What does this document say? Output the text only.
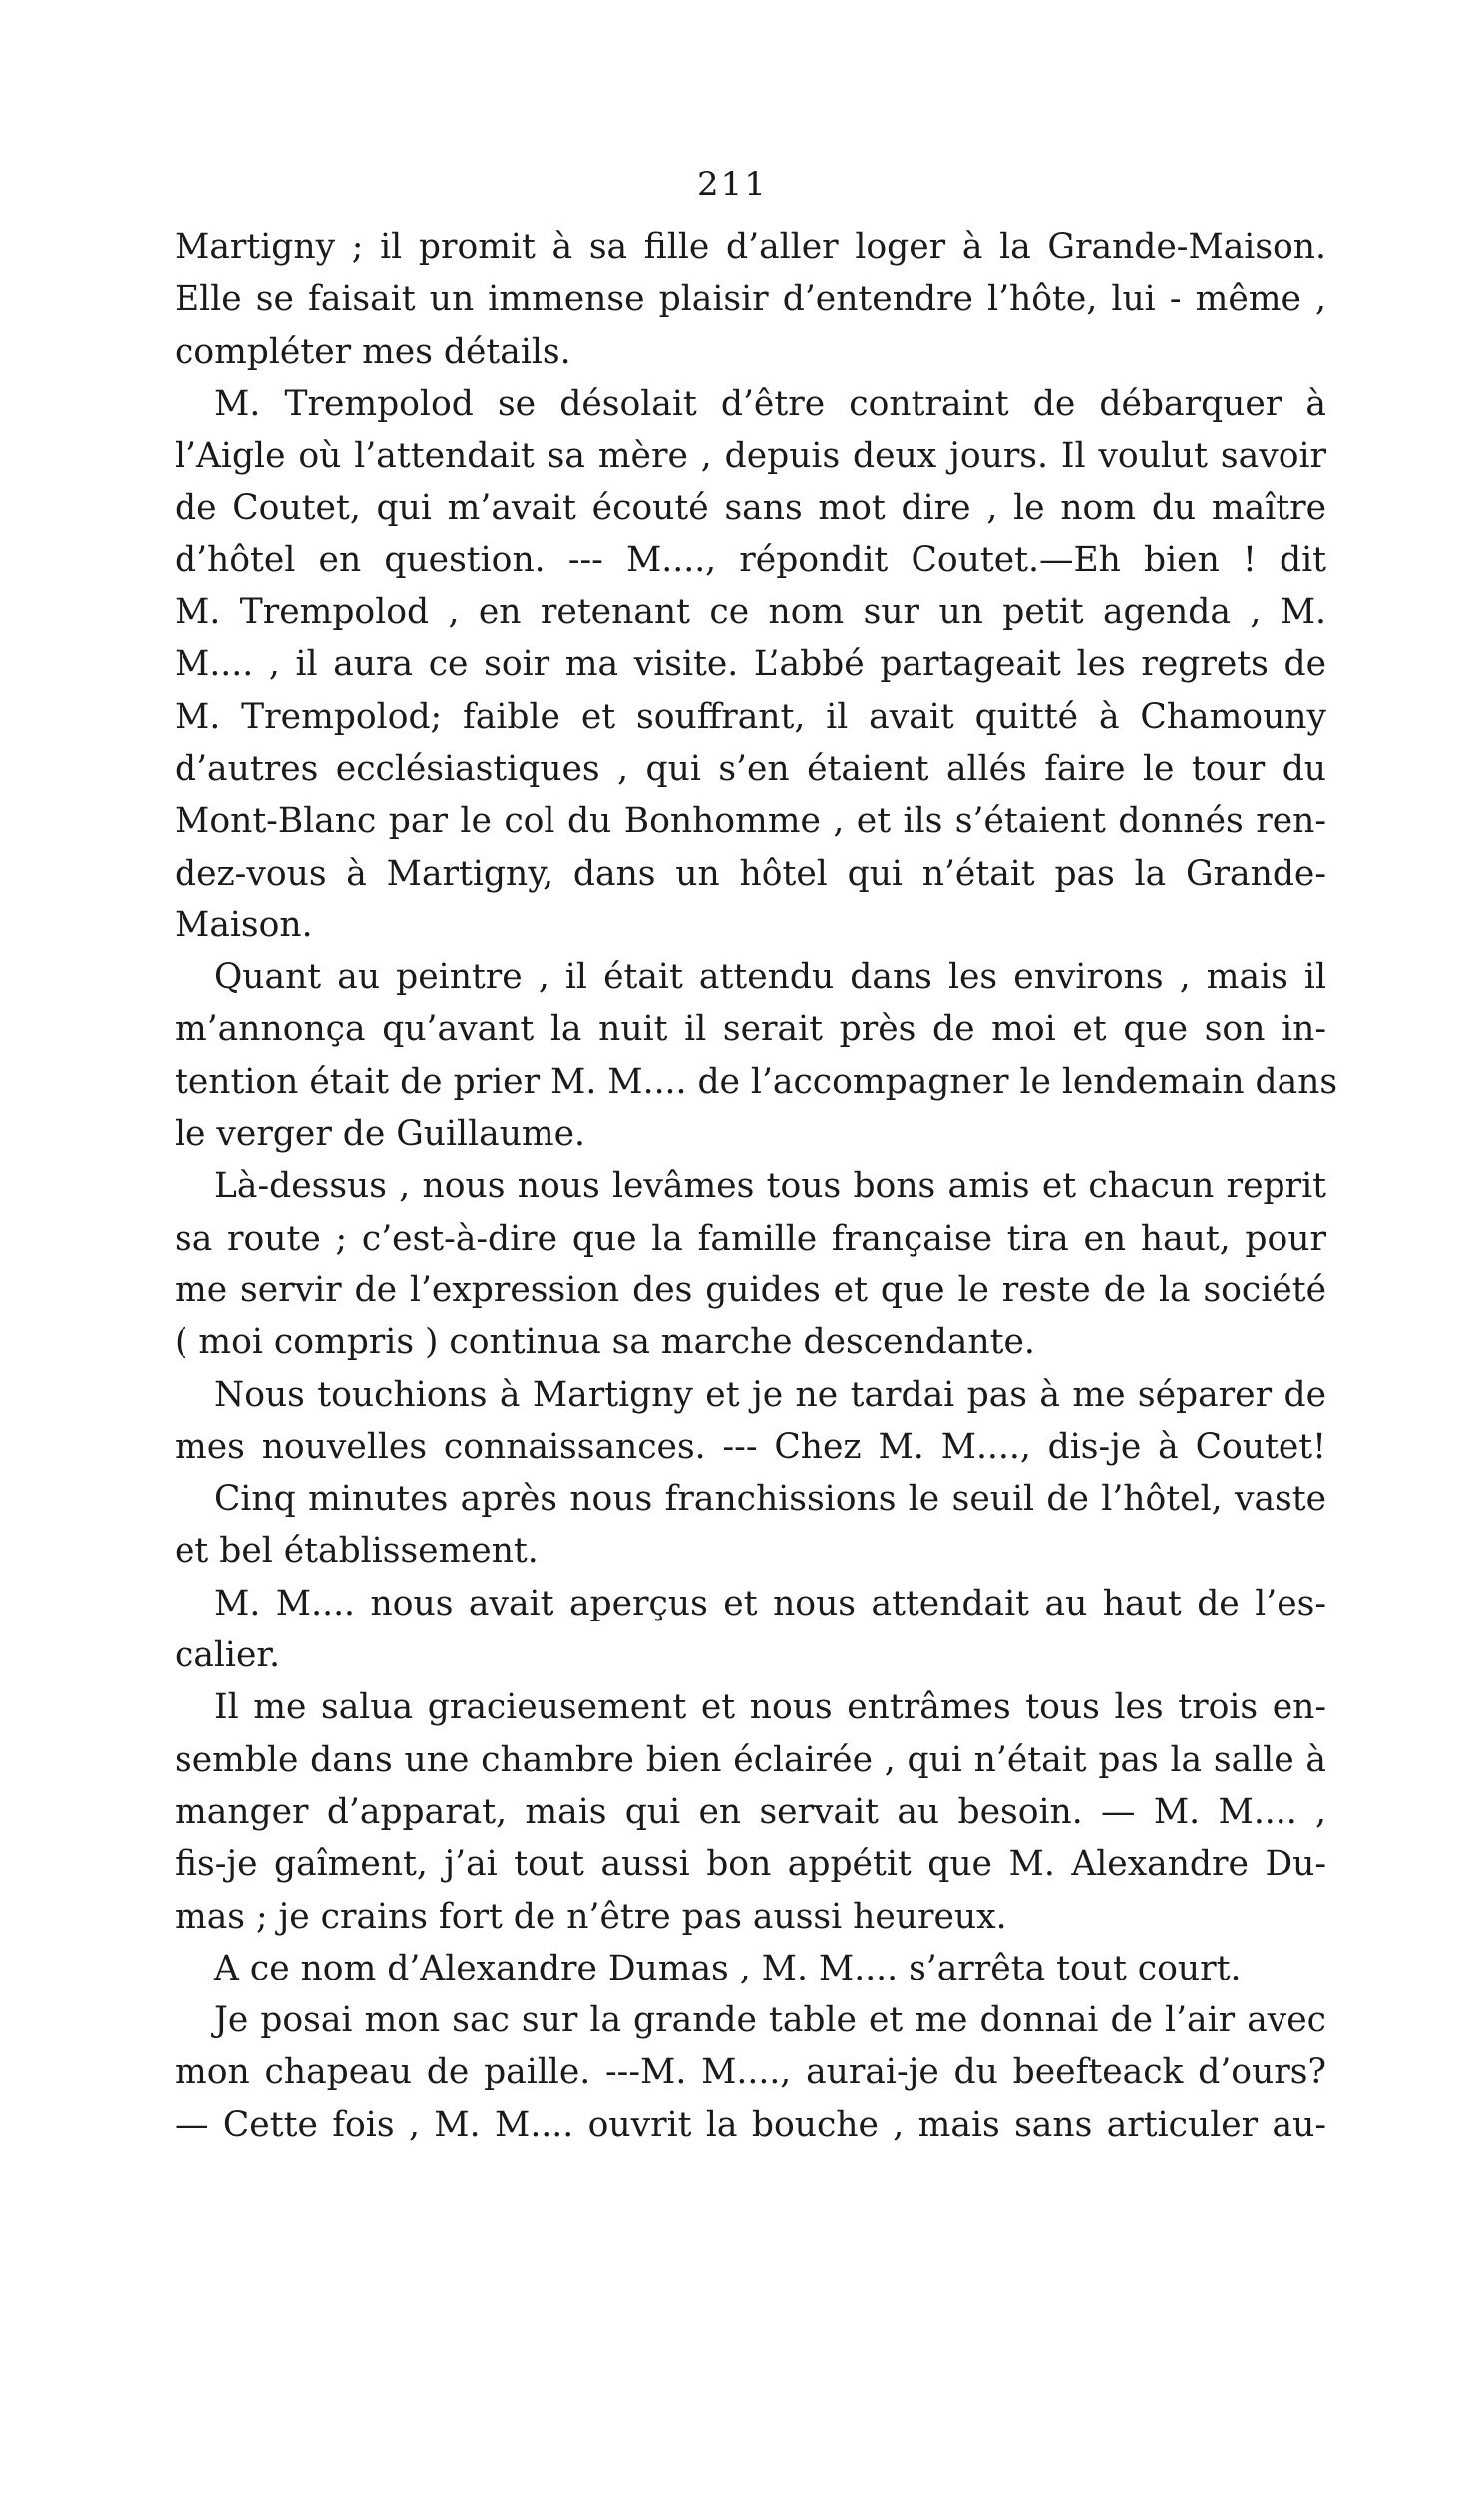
211
Martigny ; il promit à sa fille d’aller loger à la Grande-Maison.
Elle se faisait un immense plaisir d’entendre l’hôte, lui - même ,
compléter mes détails.
M. Trempolod se désolait d’être contraint de débarquer à
l’Aigle où l’attendait sa mère , depuis deux jours. Il voulut savoir
de Coutet, qui m’avait écouté sans mot dire , le nom du maître
d’hôtel en question. --- M...., répondit Coutet.—Eh bien ! dit
M. Trempolod , en retenant ce nom sur un petit agenda , M.
M.... , il aura ce soir ma visite. L’abbé partageait les regrets de
M. Trempolod; faible et souffrant, il avait quitté à Chamouny
d’autres ecclésiastiques , qui s’en étaient allés faire le tour du
Mont-Blanc par le col du Bonhomme , et ils s’étaient donnés ren-
dez-vous à Martigny, dans un hôtel qui n’était pas la Grande-
Maison.
Quant au peintre , il était attendu dans les environs , mais il
m’annonça qu’avant la nuit il serait près de moi et que son in-
tention était de prier M. M.... de l’accompagner le lendemain dans
le verger de Guillaume.
Là-dessus , nous nous levâmes tous bons amis et chacun reprit
sa route ; c’est-à-dire que la famille française tira en haut, pour
me servir de l’expression des guides et que le reste de la société
( moi compris ) continua sa marche descendante.
Nous touchions à Martigny et je ne tardai pas à me séparer de
mes nouvelles connaissances. --- Chez M. M...., dis-je à Coutet!
Cinq minutes après nous franchissions le seuil de l’hôtel, vaste
et bel établissement.
M. M.... nous avait aperçus et nous attendait au haut de l’es-
calier.
Il me salua gracieusement et nous entrâmes tous les trois en-
semble dans une chambre bien éclairée , qui n’était pas la salle à
manger d’apparat, mais qui en servait au besoin. — M. M.... ,
fis-je gaîment, j’ai tout aussi bon appétit que M. Alexandre Du-
mas ; je crains fort de n’être pas aussi heureux.
A ce nom d’Alexandre Dumas , M. M.... s’arrêta tout court.
Je posai mon sac sur la grande table et me donnai de l’air avec
mon chapeau de paille. ---M. M...., aurai-je du beefteack d’ours?
— Cette fois , M. M.... ouvrit la bouche , mais sans articuler au-
